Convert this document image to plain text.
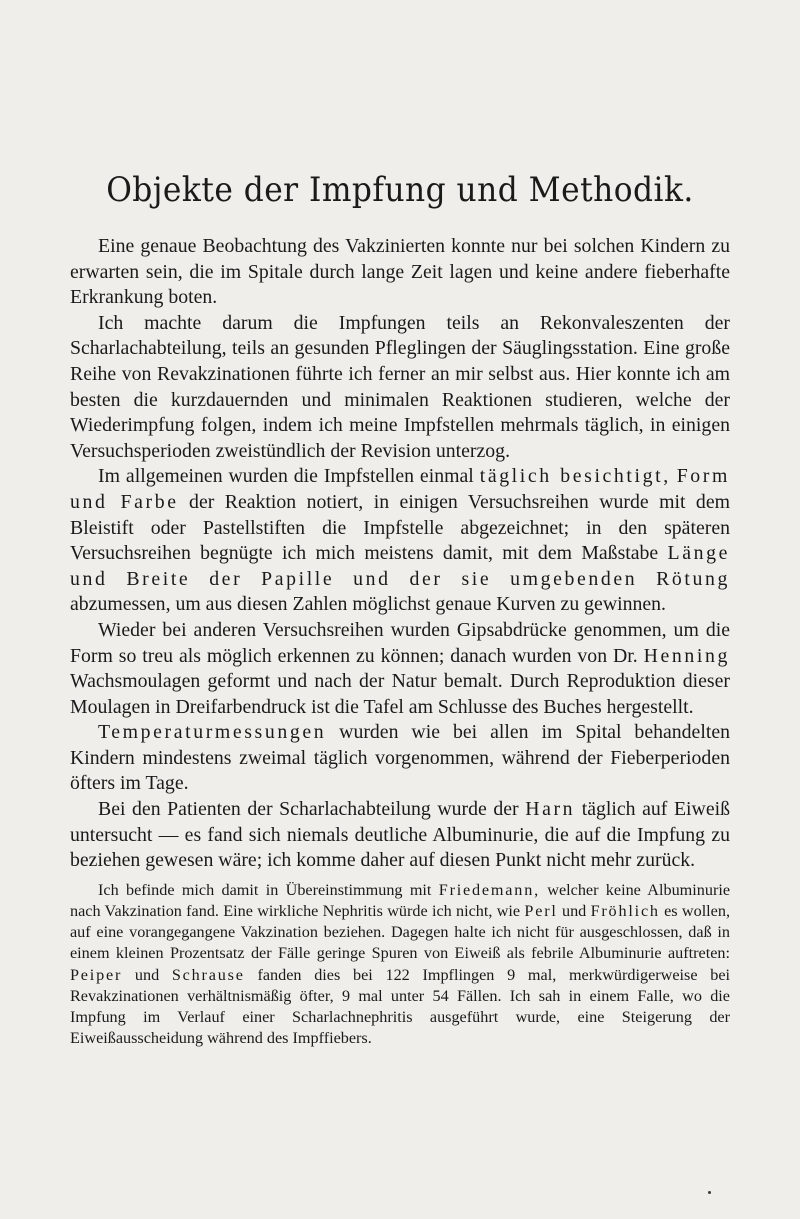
Objekte der Impfung und Methodik.

Eine genaue Beobachtung des Vakzinierten konnte nur bei solchen Kindern zu erwarten sein, die im Spitale durch lange Zeit lagen und keine andere fieberhafte Erkrankung boten.

Ich machte darum die Impfungen teils an Rekonvaleszenten der Scharlachabteilung, teils an gesunden Pfleglingen der Säuglingsstation. Eine große Reihe von Revakzinationen führte ich ferner an mir selbst aus. Hier konnte ich am besten die kurzdauernden und minimalen Reaktionen studieren, welche der Wiederimpfung folgen, indem ich meine Impfstellen mehrmals täglich, in einigen Versuchsperioden zweistündlich der Revision unterzog.

Im allgemeinen wurden die Impfstellen einmal täglich besichtigt, Form und Farbe der Reaktion notiert, in einigen Versuchsreihen wurde mit dem Bleistift oder Pastellstiften die Impfstelle abgezeichnet; in den späteren Versuchsreihen begnügte ich mich meistens damit, mit dem Maßstabe Länge und Breite der Papille und der sie umgebenden Rötung abzumessen, um aus diesen Zahlen möglichst genaue Kurven zu gewinnen.

Wieder bei anderen Versuchsreihen wurden Gipsabdrücke genommen, um die Form so treu als möglich erkennen zu können; danach wurden von Dr. Henning Wachsmoulagen geformt und nach der Natur bemalt. Durch Reproduktion dieser Moulagen in Dreifarbendruck ist die Tafel am Schlusse des Buches hergestellt.

Temperaturmessungen wurden wie bei allen im Spital behandelten Kindern mindestens zweimal täglich vorgenommen, während der Fieberperioden öfters im Tage.

Bei den Patienten der Scharlachabteilung wurde der Harn täglich auf Eiweiß untersucht — es fand sich niemals deutliche Albuminurie, die auf die Impfung zu beziehen gewesen wäre; ich komme daher auf diesen Punkt nicht mehr zurück.

Ich befinde mich damit in Übereinstimmung mit Friedemann, welcher keine Albuminurie nach Vakzination fand. Eine wirkliche Nephritis würde ich nicht, wie Perl und Fröhlich es wollen, auf eine vorangegangene Vakzination beziehen. Dagegen halte ich nicht für ausgeschlossen, daß in einem kleinen Prozentsatz der Fälle geringe Spuren von Eiweiß als febrile Albuminurie auftreten: Peiper und Schrause fanden dies bei 122 Impflingen 9 mal, merkwürdigerweise bei Revakzinationen verhältnismäßig öfter, 9 mal unter 54 Fällen. Ich sah in einem Falle, wo die Impfung im Verlauf einer Scharlachnephritis ausgeführt wurde, eine Steigerung der Eiweißausscheidung während des Impffiebers.
